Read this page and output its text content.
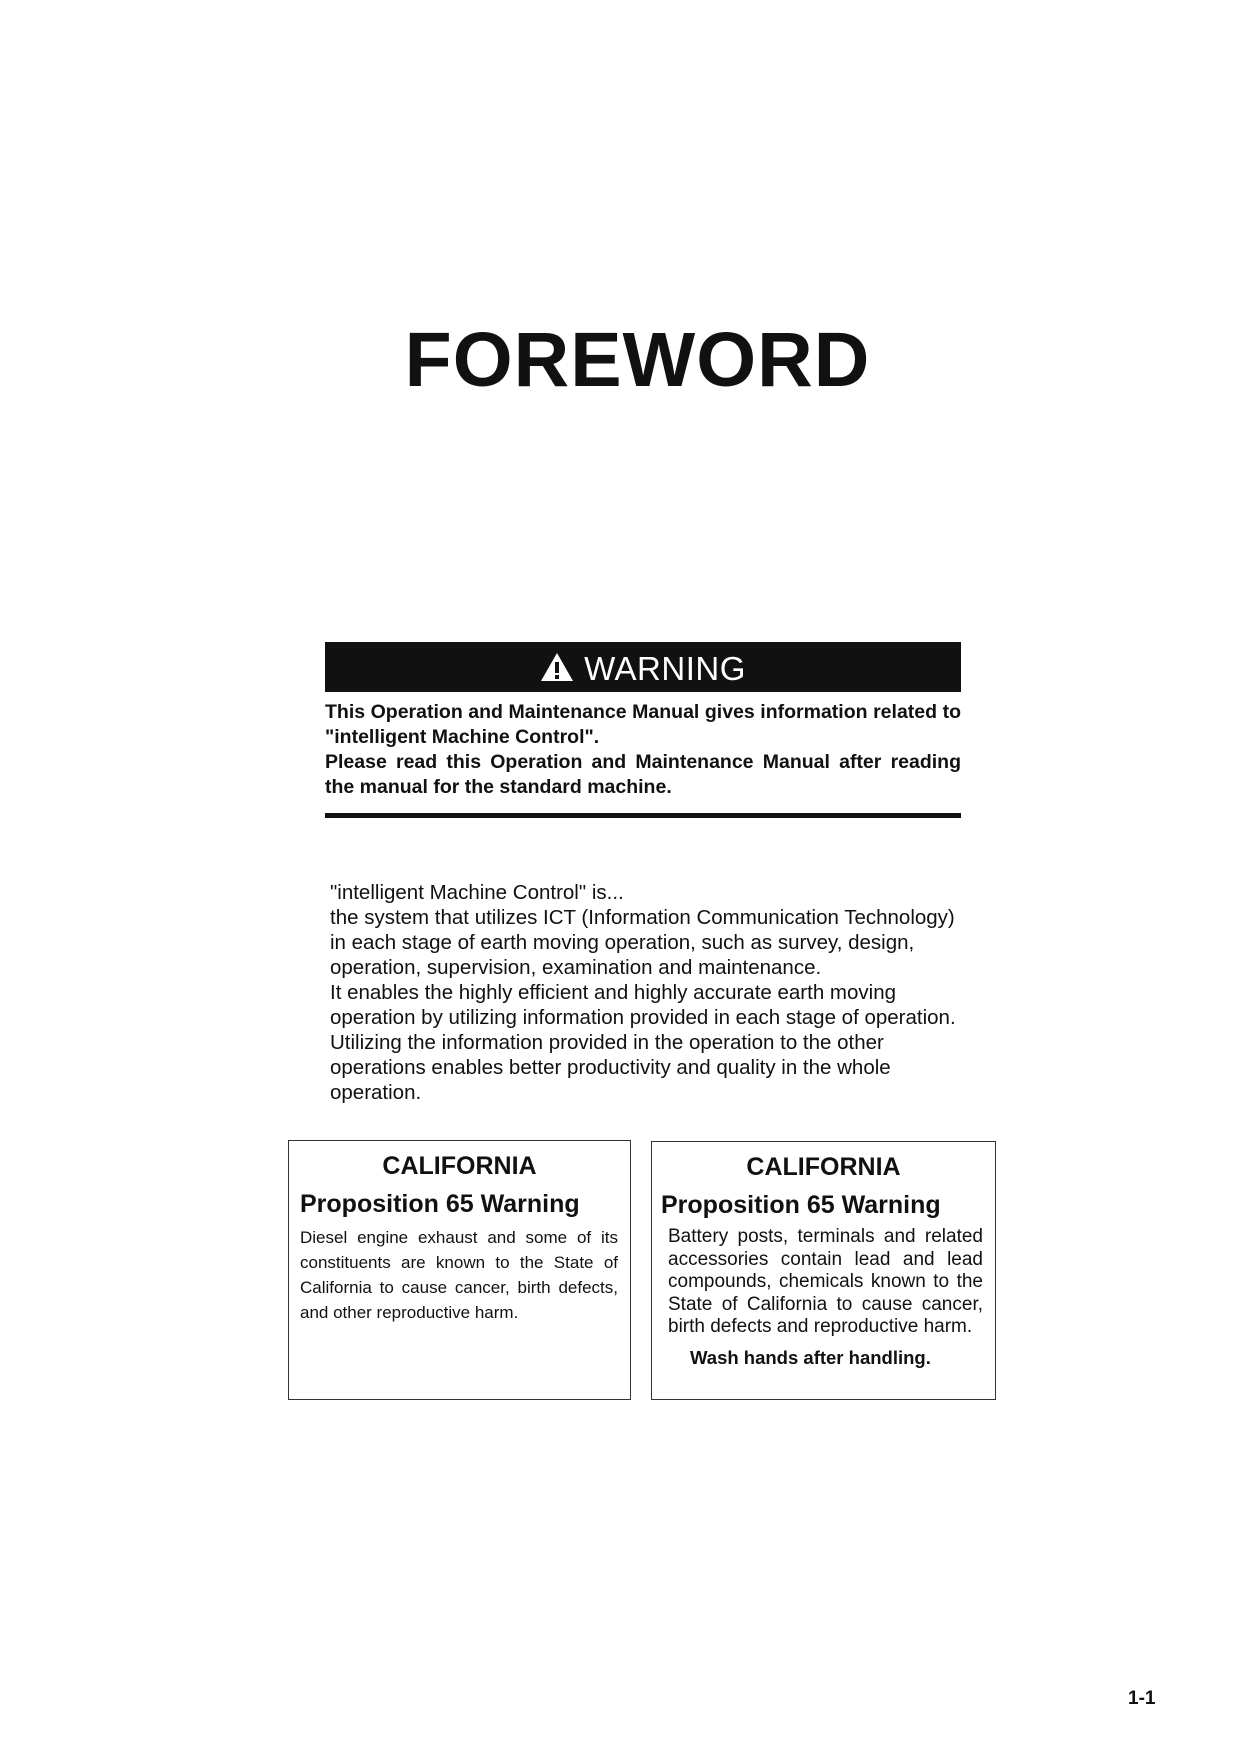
FOREWORD
WARNING

This Operation and Maintenance Manual gives information related to "intelligent Machine Control".

Please read this Operation and Maintenance Manual after reading the manual for the standard machine.

"intelligent Machine Control" is...

the system that utilizes ICT (Information Communication Technology) in each stage of earth moving operation, such as survey, design, operation, supervision, examination and maintenance.

It enables the highly efficient and highly accurate earth moving operation by utilizing information provided in each stage of operation.

Utilizing the information provided in the operation to the other operations enables better productivity and quality in the whole operation.

CALIFORNIA
Proposition 65 Warning
Diesel engine exhaust and some of its constituents are known to the State of California to cause cancer, birth defects, and other reproductive harm.
CALIFORNIA
Proposition 65 Warning
Battery posts, terminals and related accessories contain lead and lead compounds, chemicals known to the State of California to cause cancer, birth defects and reproductive harm.
Wash hands after handling.
1-1
